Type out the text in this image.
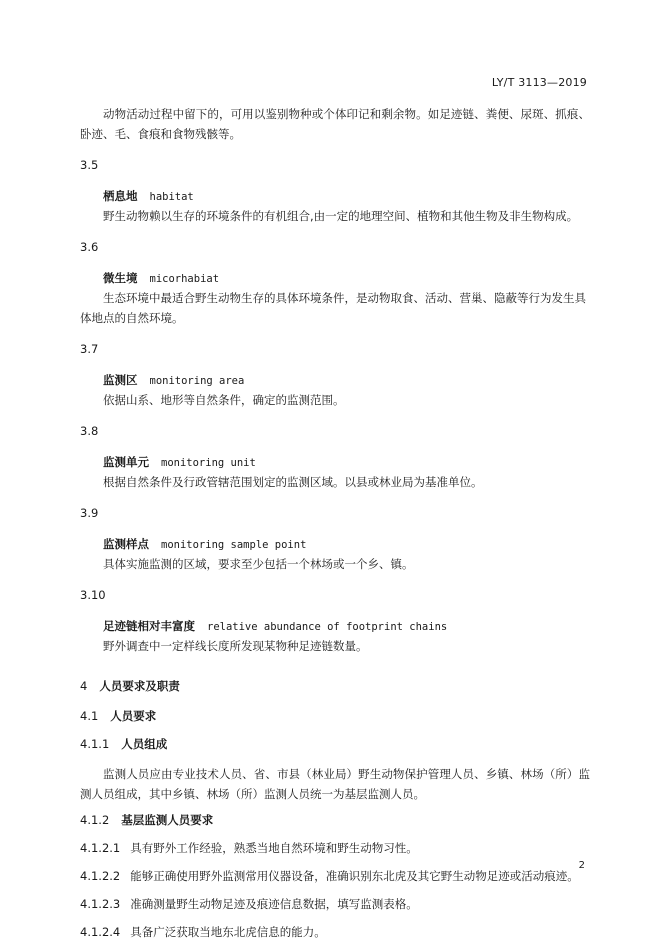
LY/T 3113—2019

动物活动过程中留下的，可用以鉴别物种或个体印记和剩余物。如足迹链、粪便、尿斑、抓痕、卧迹、毛、食痕和食物残骸等。

3.5
栖息地 habitat

野生动物赖以生存的环境条件的有机组合,由一定的地理空间、植物和其他生物及非生物构成。

3.6
微生境 micorhabiat

生态环境中最适合野生动物生存的具体环境条件，是动物取食、活动、营巢、隐蔽等行为发生具体地点的自然环境。

3.7
监测区 monitoring area

依据山系、地形等自然条件，确定的监测范围。

3.8
监测单元 monitoring unit

根据自然条件及行政管辖范围划定的监测区域。以县或林业局为基准单位。

3.9
监测样点 monitoring sample point

具体实施监测的区域，要求至少包括一个林场或一个乡、镇。

3.10
足迹链相对丰富度 relative abundance of footprint chains

野外调查中一定样线长度所发现某物种足迹链数量。

4 人员要求及职责
4.1 人员要求
4.1.1 人员组成

监测人员应由专业技术人员、省、市县（林业局）野生动物保护管理人员、乡镇、林场（所）监测人员组成，其中乡镇、林场（所）监测人员统一为基层监测人员。

4.1.2 基层监测人员要求
4.1.2.1 具有野外工作经验，熟悉当地自然环境和野生动物习性。
4.1.2.2 能够正确使用野外监测常用仪器设备，准确识别东北虎及其它野生动物足迹或活动痕迹。
4.1.2.3 准确测量野生动物足迹及痕迹信息数据，填写监测表格。
4.1.2.4 具备广泛获取当地东北虎信息的能力。
2
